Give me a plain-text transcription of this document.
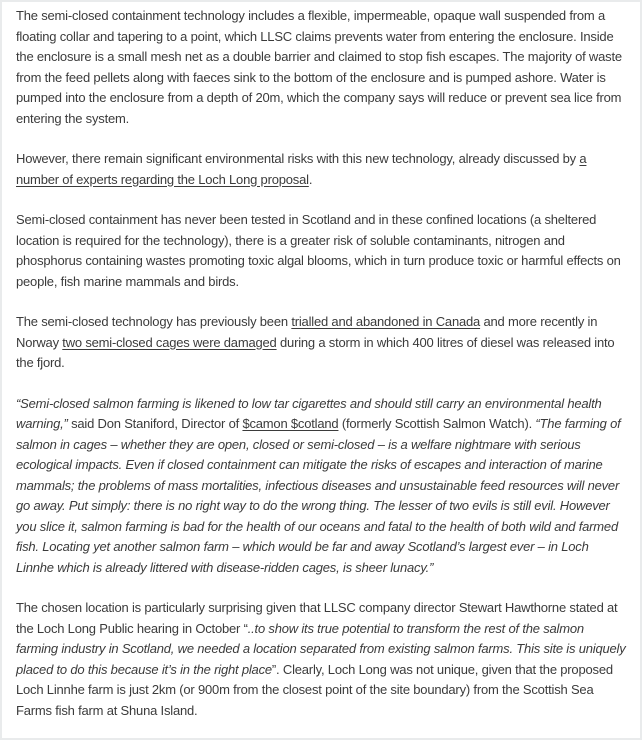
The semi-closed containment technology includes a flexible, impermeable, opaque wall suspended from a floating collar and tapering to a point, which LLSC claims prevents water from entering the enclosure. Inside the enclosure is a small mesh net as a double barrier and claimed to stop fish escapes. The majority of waste from the feed pellets along with faeces sink to the bottom of the enclosure and is pumped ashore. Water is pumped into the enclosure from a depth of 20m, which the company says will reduce or prevent sea lice from entering the system.

However, there remain significant environmental risks with this new technology, already discussed by a number of experts regarding the Loch Long proposal.

Semi-closed containment has never been tested in Scotland and in these confined locations (a sheltered location is required for the technology), there is a greater risk of soluble contaminants, nitrogen and phosphorus containing wastes promoting toxic algal blooms, which in turn produce toxic or harmful effects on people, fish marine mammals and birds.

The semi-closed technology has previously been trialled and abandoned in Canada and more recently in Norway two semi-closed cages were damaged during a storm in which 400 litres of diesel was released into the fjord.

“Semi-closed salmon farming is likened to low tar cigarettes and should still carry an environmental health warning,” said Don Staniford, Director of $camon $cotland (formerly Scottish Salmon Watch). “The farming of salmon in cages – whether they are open, closed or semi-closed – is a welfare nightmare with serious ecological impacts. Even if closed containment can mitigate the risks of escapes and interaction of marine mammals; the problems of mass mortalities, infectious diseases and unsustainable feed resources will never go away. Put simply: there is no right way to do the wrong thing. The lesser of two evils is still evil. However you slice it, salmon farming is bad for the health of our oceans and fatal to the health of both wild and farmed fish. Locating yet another salmon farm – which would be far and away Scotland’s largest ever – in Loch Linnhe which is already littered with disease-ridden cages, is sheer lunacy.”

The chosen location is particularly surprising given that LLSC company director Stewart Hawthorne stated at the Loch Long Public hearing in October “..to show its true potential to transform the rest of the salmon farming industry in Scotland, we needed a location separated from existing salmon farms. This site is uniquely placed to do this because it’s in the right place”. Clearly, Loch Long was not unique, given that the proposed Loch Linnhe farm is just 2km (or 900m from the closest point of the site boundary) from the Scottish Sea Farms fish farm at Shuna Island.
